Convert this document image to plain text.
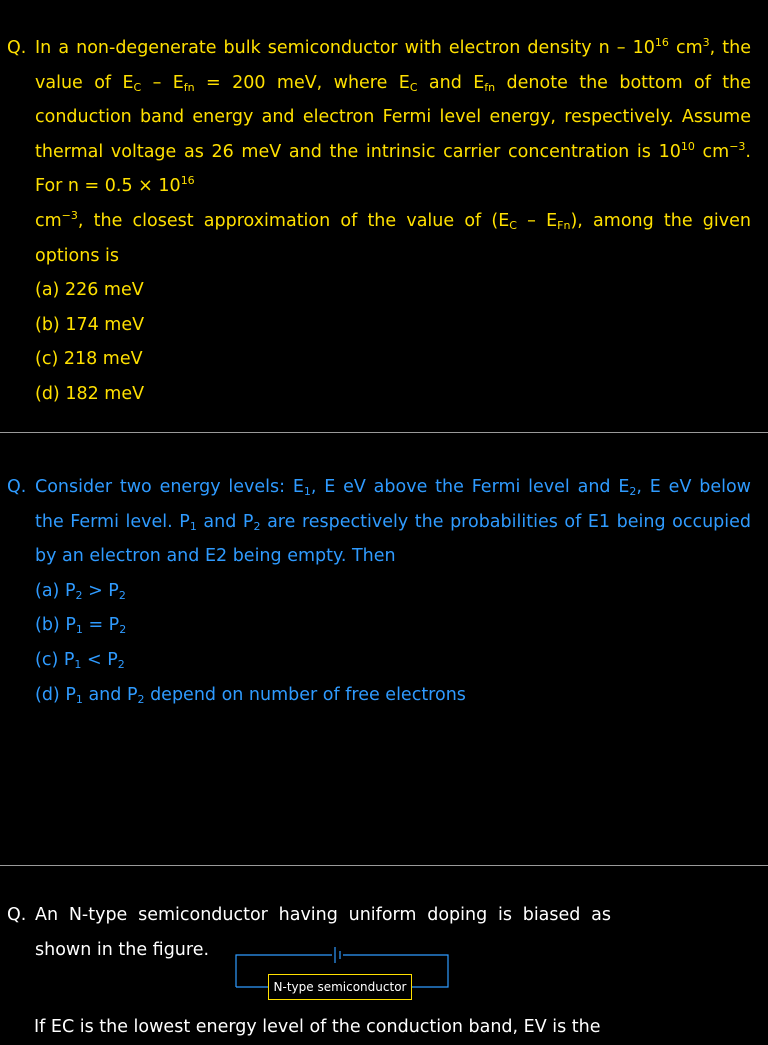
Q. In a non-degenerate bulk semiconductor with electron density n – $10^{16}$ $cm^3$, the value of $E_C - E_{fn} = 200$ meV, where $E_C$ and $E_{fn}$ denote the bottom of the conduction band energy and electron Fermi level energy, respectively. Assume thermal voltage as 26 meV and the intrinsic carrier concentration is $10^{10}$ $cm^{-3}$. For $n = 0.5 \times 10^{16}$
$cm^{-3}$, the closest approximation of the value of $(E_C - E_{Fn})$, among the given options is
(a) 226 meV
(b) 174 meV
(c) 218 meV
(d) 182 meV
Q. Consider two energy levels: $E_1$, E eV above the Fermi level and $E_2$, E eV below the Fermi level. $P_1$ and $P_2$ are respectively the probabilities of E1 being occupied by an electron and E2 being empty. Then
(a) $P_2 > P_2$
(b) $P_1 = P_2$
(c) $P_1 < P_2$
(d) $P_1$ and $P_2$ depend on number of free electrons
Q. An N-type semiconductor having uniform doping is biased as shown in the figure.
N-type semiconductor
If EC is the lowest energy level of the conduction band, EV is the
